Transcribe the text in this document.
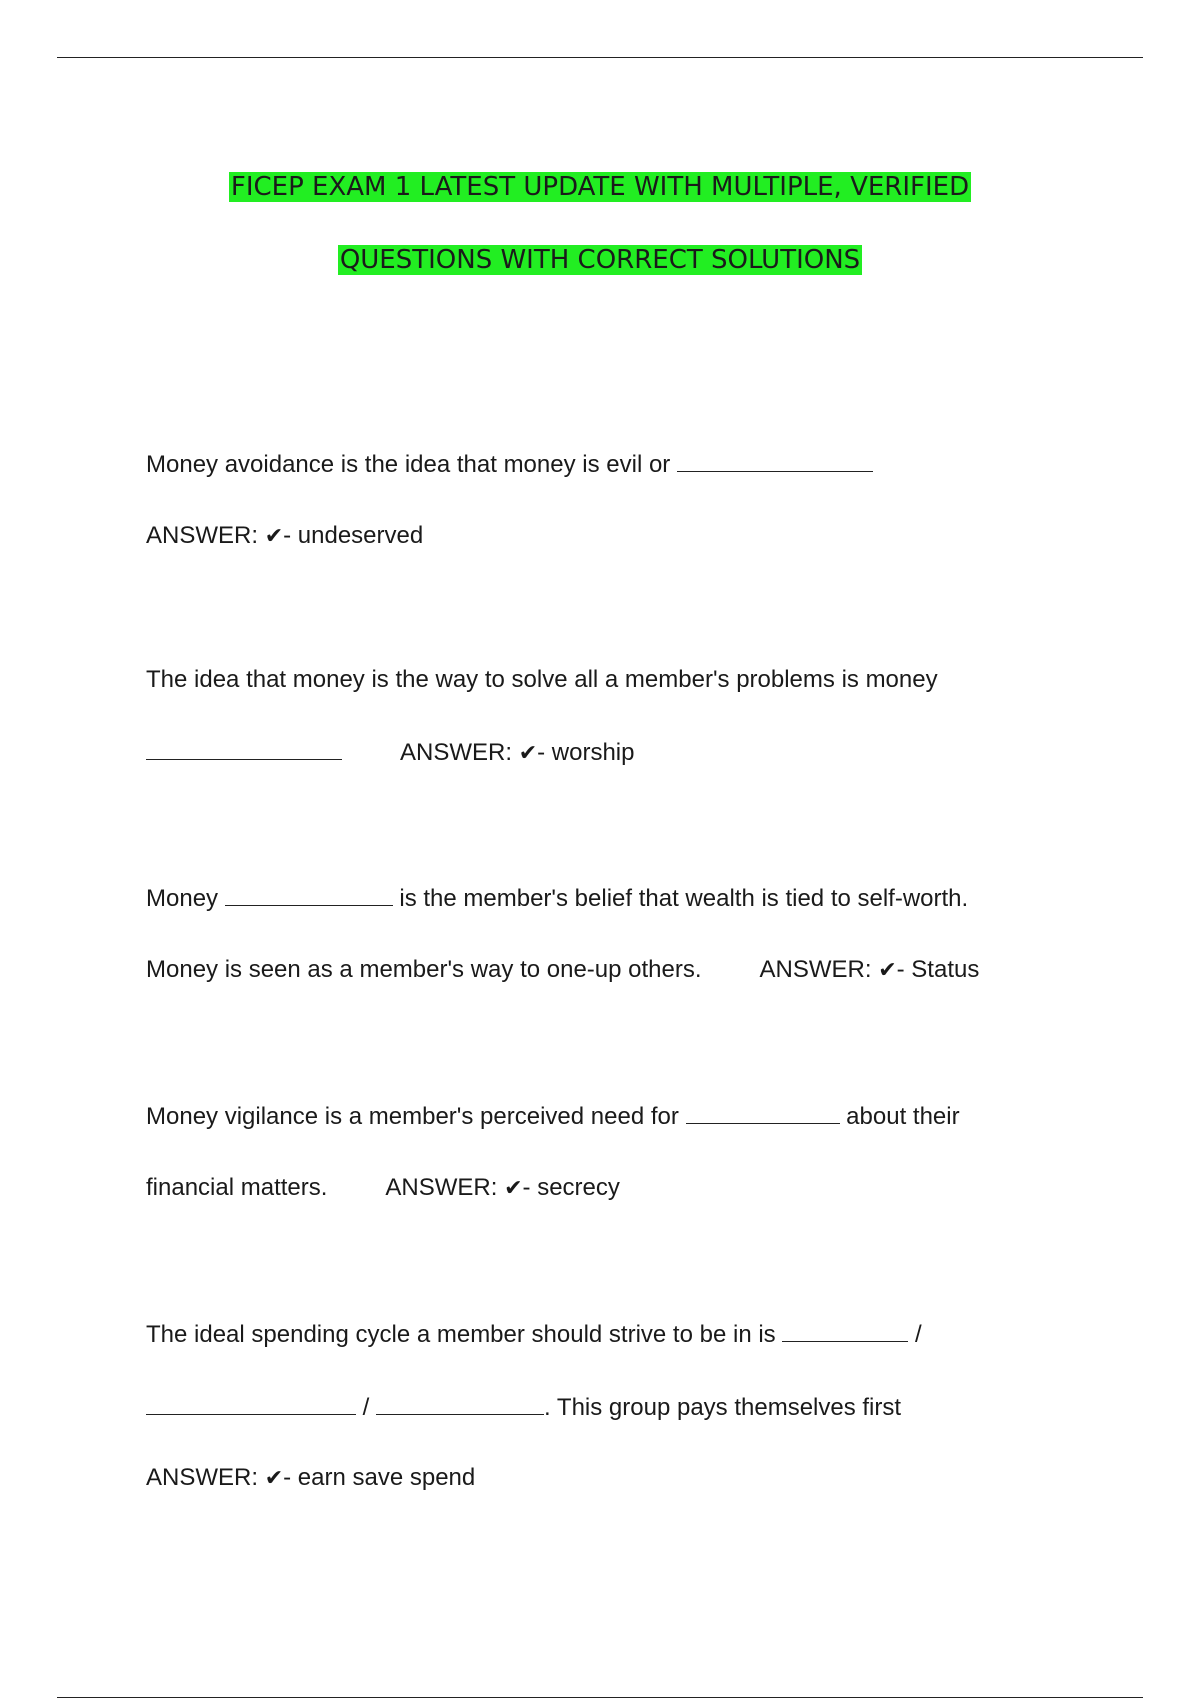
FICEP EXAM 1 LATEST UPDATE WITH MULTIPLE, VERIFIED
QUESTIONS WITH CORRECT SOLUTIONS
Money avoidance is the idea that money is evil or
ANSWER: ✔- undeserved
The idea that money is the way to solve all a member's problems is money
ANSWER: ✔- worship
Money	is the member's belief that wealth is tied to self-worth.
Money is seen as a member's way to one-up others. ANSWER: ✔- Status
Money vigilance is a member's perceived need for	about their
financial matters. ANSWER: ✔- secrecy
The ideal spending cycle a member should strive to be in is	/
/	. This group pays themselves first
ANSWER: ✔- earn save spend
